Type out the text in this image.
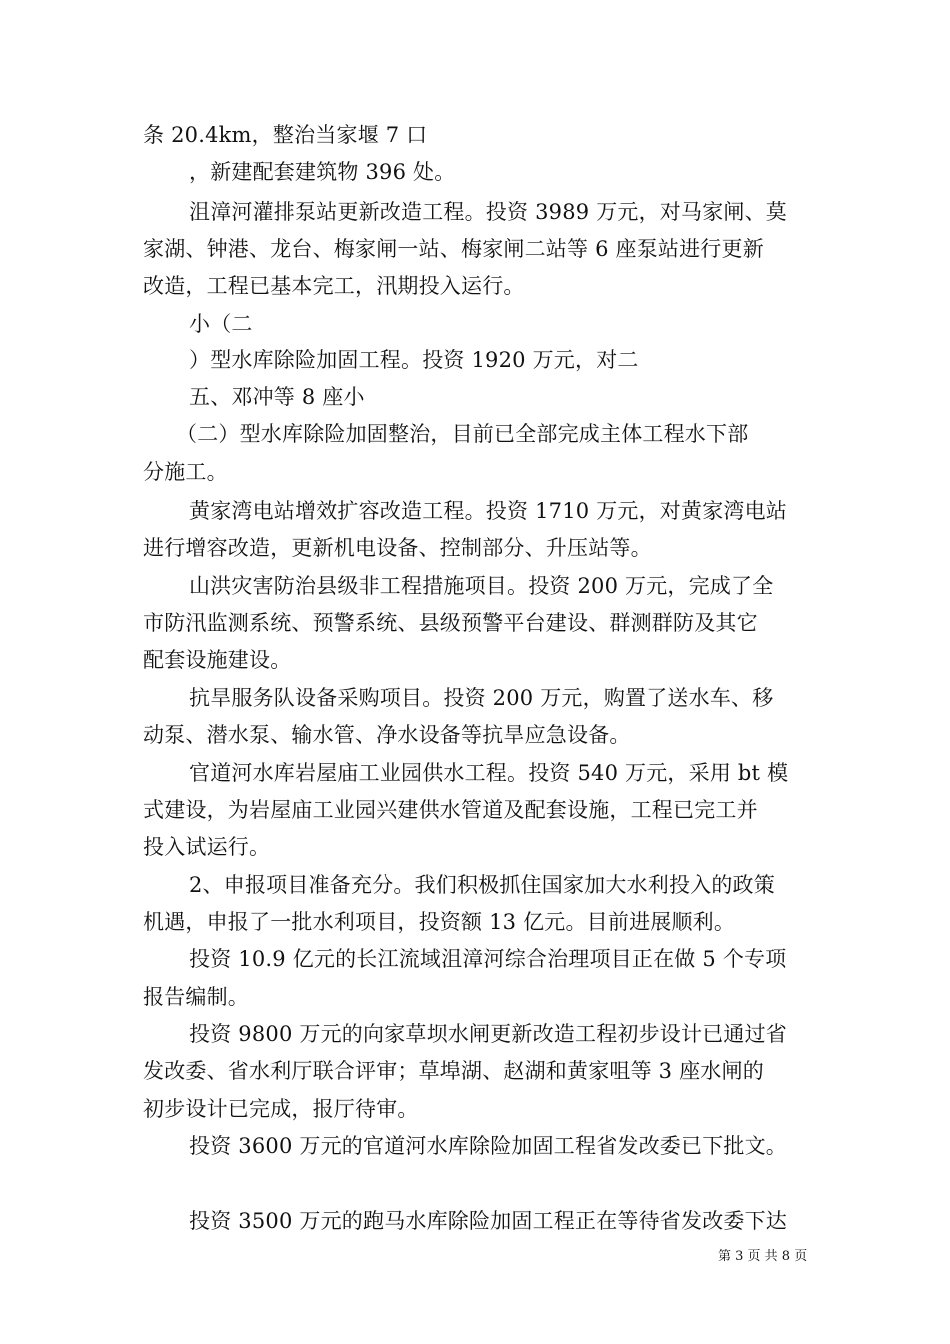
条 20.4km，整治当家堰 7 口
，新建配套建筑物 396 处。
沮漳河灌排泵站更新改造工程。投资 3989 万元，对马家闸、莫
家湖、钟港、龙台、梅家闸一站、梅家闸二站等 6 座泵站进行更新
改造，工程已基本完工，汛期投入运行。
小（二
）型水库除险加固工程。投资 1920 万元，对二
五、邓冲等 8 座小
（二）型水库除险加固整治，目前已全部完成主体工程水下部
分施工。
黄家湾电站增效扩容改造工程。投资 1710 万元，对黄家湾电站
进行增容改造，更新机电设备、控制部分、升压站等。
山洪灾害防治县级非工程措施项目。投资 200 万元，完成了全
市防汛监测系统、预警系统、县级预警平台建设、群测群防及其它
配套设施建设。
抗旱服务队设备采购项目。投资 200 万元，购置了送水车、移
动泵、潜水泵、输水管、净水设备等抗旱应急设备。
官道河水库岩屋庙工业园供水工程。投资 540 万元，采用 bt 模
式建设，为岩屋庙工业园兴建供水管道及配套设施，工程已完工并
投入试运行。
2、申报项目准备充分。我们积极抓住国家加大水利投入的政策
机遇，申报了一批水利项目，投资额 13 亿元。目前进展顺利。
投资 10.9 亿元的长江流域沮漳河综合治理项目正在做 5 个专项
报告编制。
投资 9800 万元的向家草坝水闸更新改造工程初步设计已通过省
发改委、省水利厅联合评审；草埠湖、赵湖和黄家咀等 3 座水闸的
初步设计已完成，报厅待审。
投资 3600 万元的官道河水库除险加固工程省发改委已下批文。
投资 3500 万元的跑马水库除险加固工程正在等待省发改委下达
第 3 页 共 8 页
